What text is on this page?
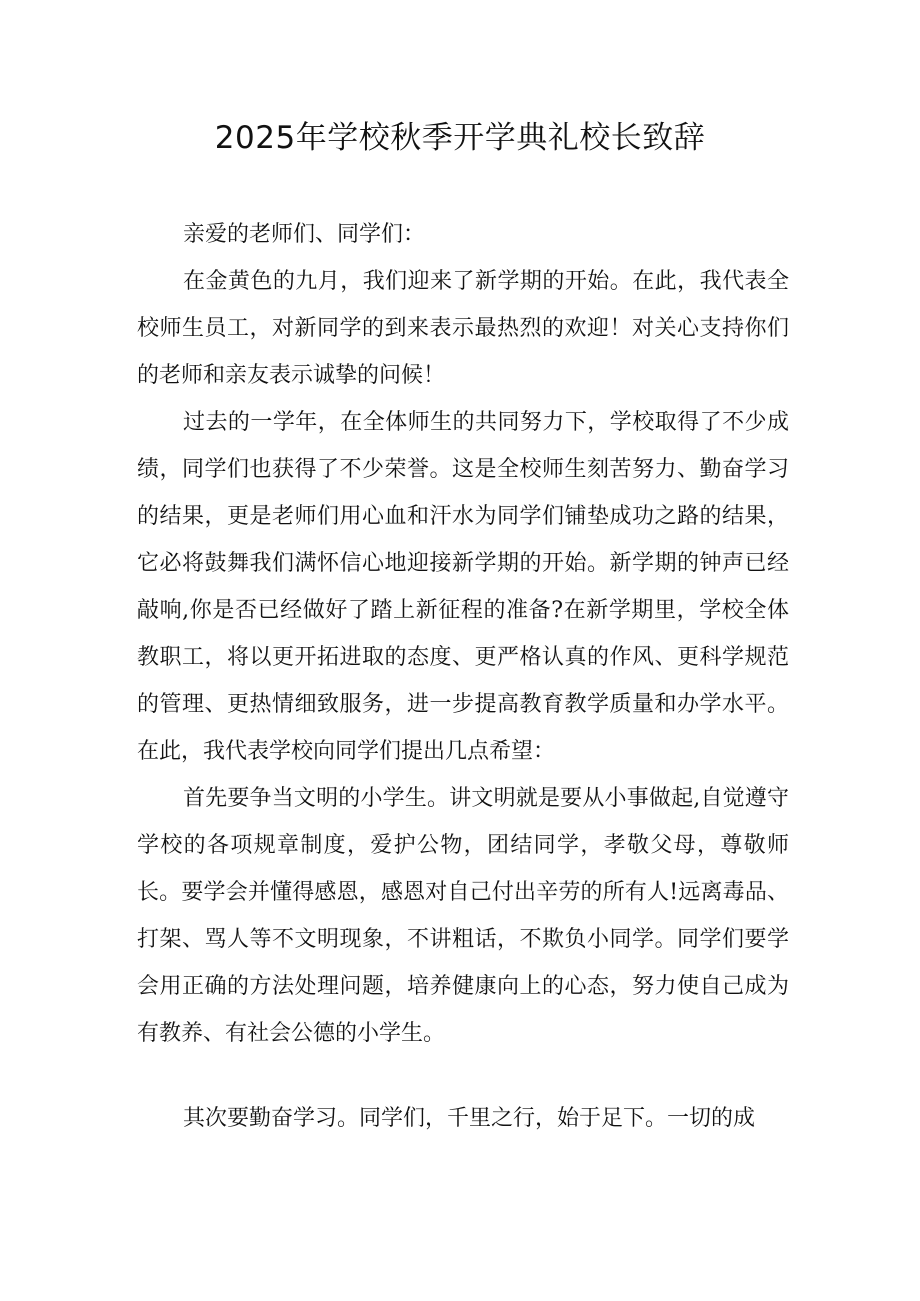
2025年学校秋季开学典礼校长致辞
亲爱的老师们、同学们：

在金黄色的九月，我们迎来了新学期的开始。在此，我代表全校师生员工，对新同学的到来表示最热烈的欢迎！对关心支持你们的老师和亲友表示诚挚的问候！

过去的一学年，在全体师生的共同努力下，学校取得了不少成绩，同学们也获得了不少荣誉。这是全校师生刻苦努力、勤奋学习的结果，更是老师们用心血和汗水为同学们铺垫成功之路的结果，它必将鼓舞我们满怀信心地迎接新学期的开始。新学期的钟声已经敲响,你是否已经做好了踏上新征程的准备?在新学期里，学校全体教职工，将以更开拓进取的态度、更严格认真的作风、更科学规范的管理、更热情细致服务，进一步提高教育教学质量和办学水平。在此，我代表学校向同学们提出几点希望：

首先要争当文明的小学生。讲文明就是要从小事做起,自觉遵守学校的各项规章制度，爱护公物，团结同学，孝敬父母，尊敬师长。要学会并懂得感恩，感恩对自己付出辛劳的所有人!远离毒品、打架、骂人等不文明现象，不讲粗话，不欺负小同学。同学们要学会用正确的方法处理问题，培养健康向上的心态，努力使自己成为有教养、有社会公德的小学生。

其次要勤奋学习。同学们，千里之行，始于足下。一切的成
